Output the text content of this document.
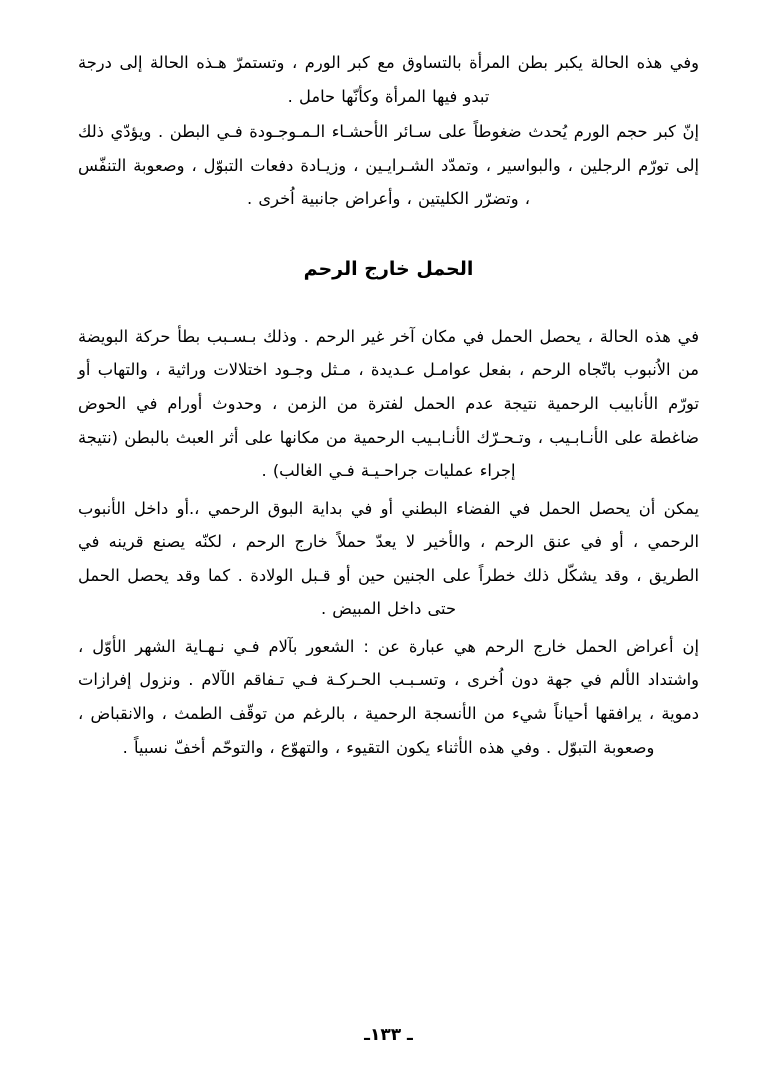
وفي هذه الحالة يكبر بطن المرأة بالتساوق مع كبر الورم ، وتستمرّ هـذه الحالة إلى درجة تبدو فيها المرأة وكأنّها حامل .

إنّ كبر حجم الورم يُحدث ضغوطاً على سـائر الأحشـاء الـمـوجـودة فـي البطن . ويؤدّي ذلك إلى تورّم الرجلين ، والبواسير ، وتمدّد الشـرايـين ، وزيـادة دفعات التبوّل ، وصعوبة التنفّس ، وتضرّر الكليتين ، وأعراض جانبية اُخرى .

الحمل خارج الرحم

في هذه الحالة ، يحصل الحمل في مكان آخر غير الرحم . وذلك بـسـبب بطأ حركة البويضة من الاُنبوب باتّجاه الرحم ، بفعل عوامـل عـديدة ، مـثل وجـود اختلالات وراثية ، والتهاب أو تورّم الأنابيب الرحمية نتيجة عدم الحمل لفترة من الزمن ، وحدوث أورام في الحوض ضاغطة على الأنـابـيب ، وتـحـرّك الأنـابـيب الرحمية من مكانها على أثر العبث بالبطن (نتيجة إجراء عمليات جراحـيـة فـي الغالب) .

يمكن أن يحصل الحمل في الفضاء البطني أو في بداية البوق الرحمي ،.أو داخل الأنبوب الرحمي ، أو في عنق الرحم ، والأخير لا يعدّ حملاً خارج الرحم ، لكنّه يصنع قرينه في الطريق ، وقد يشكّل ذلك خطراً على الجنين حين أو قـبل الولادة . كما وقد يحصل الحمل حتى داخل المبيض .

إن أعراض الحمل خارج الرحم هي عبارة عن : الشعور بآلام فـي نـهـاية الشهر الأوّل ، واشتداد الألم في جهة دون اُخرى ، وتسـبـب الحـركـة فـي تـفاقم الآلام . ونزول إفرازات دموية ، يرافقها أحياناً شيء من الأنسجة الرحمية ، بالرغم من توقّف الطمث ، والانقباض ، وصعوبة التبوّل . وفي هذه الأثناء يكون التقيوء ، والتهوّع ، والتوحّم أخفّ نسبياً .

ـ ١٣٣ـ
